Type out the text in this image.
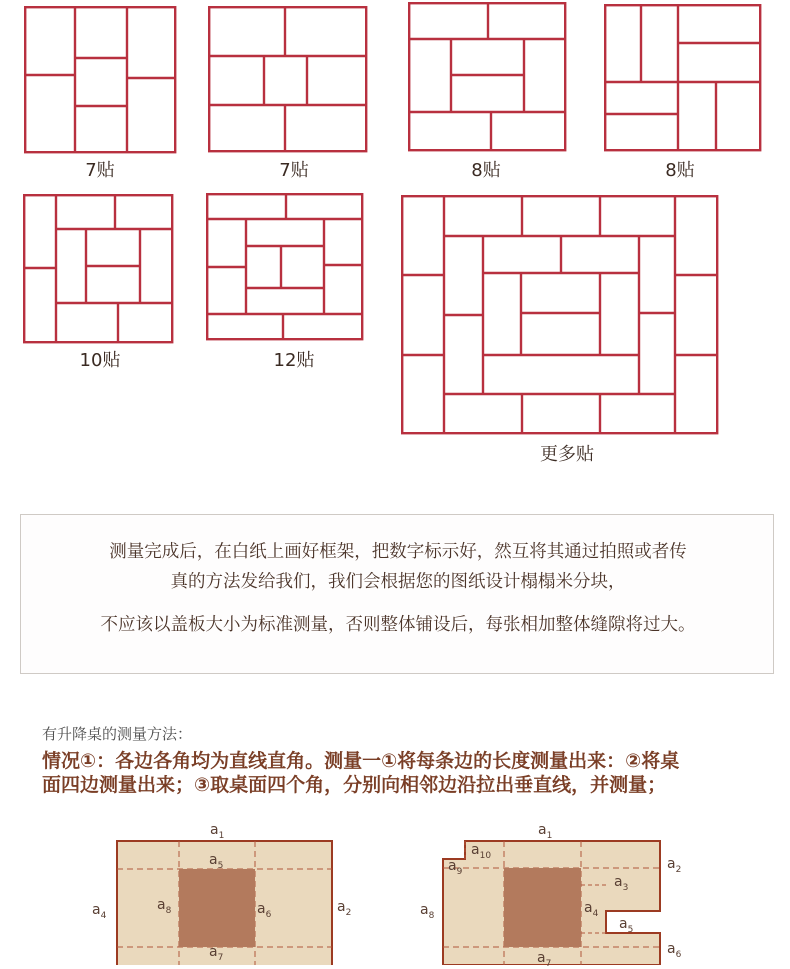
7贴	7贴	8贴	8贴
10贴	12贴
更多贴
测量完成后，在白纸上画好框架，把数字标示好，然互将其通过拍照或者传
真的方法发给我们，我们会根据您的图纸设计榻榻米分块，
不应该以盖板大小为标准测量，否则整体铺设后，每张相加整体缝隙将过大。
有升降桌的测量方法：
情况①：各边各角均为直线直角。测量一①将每条边的长度测量出来：②将桌
面四边测量出来；③取桌面四个角，分别向相邻边沿拉出垂直线，并测量；
$a_1$
$a_5$
$a_4$
$a_8$	$a_6$	$a_2$
$a_7$
$a_1$
$a_{10}$
$a_9$	$a_2$
$a_3$
$a_8$	$a_4$
$a_5$
$a_6$
$a_7$
